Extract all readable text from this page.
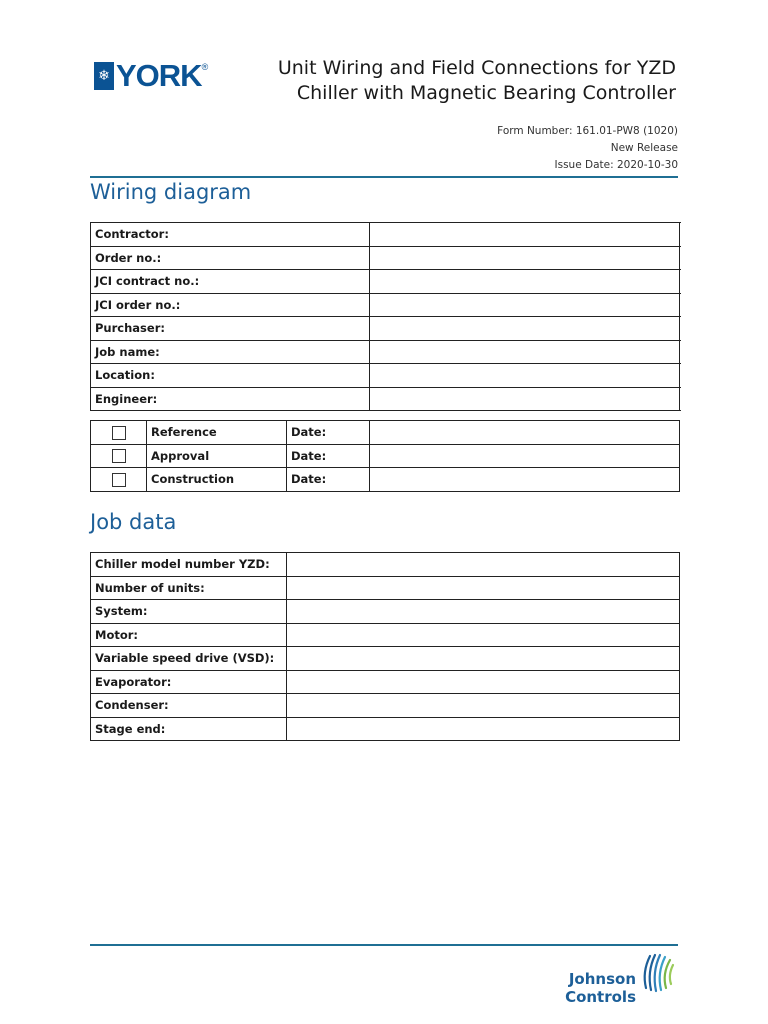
❄ YORK ®	Unit Wiring and Field Connections for YZD
Chiller with Magnetic Bearing Controller
Form Number: 161.01-PW8 (1020)
New Release
Issue Date: 2020-10-30
Wiring diagram
Contractor:	
Order no.:	
JCI contract no.:	
JCI order no.:	
Purchaser:	
Job name:	
Location:	
Engineer:	
	Reference	Date:	
	Approval	Date:	
	Construction	Date:	
Job data
Chiller model number YZD:	
Number of units:	
System:	
Motor:	
Variable speed drive (VSD):	
Evaporator:	
Condenser:	
Stage end:	
Johnson
Controls
